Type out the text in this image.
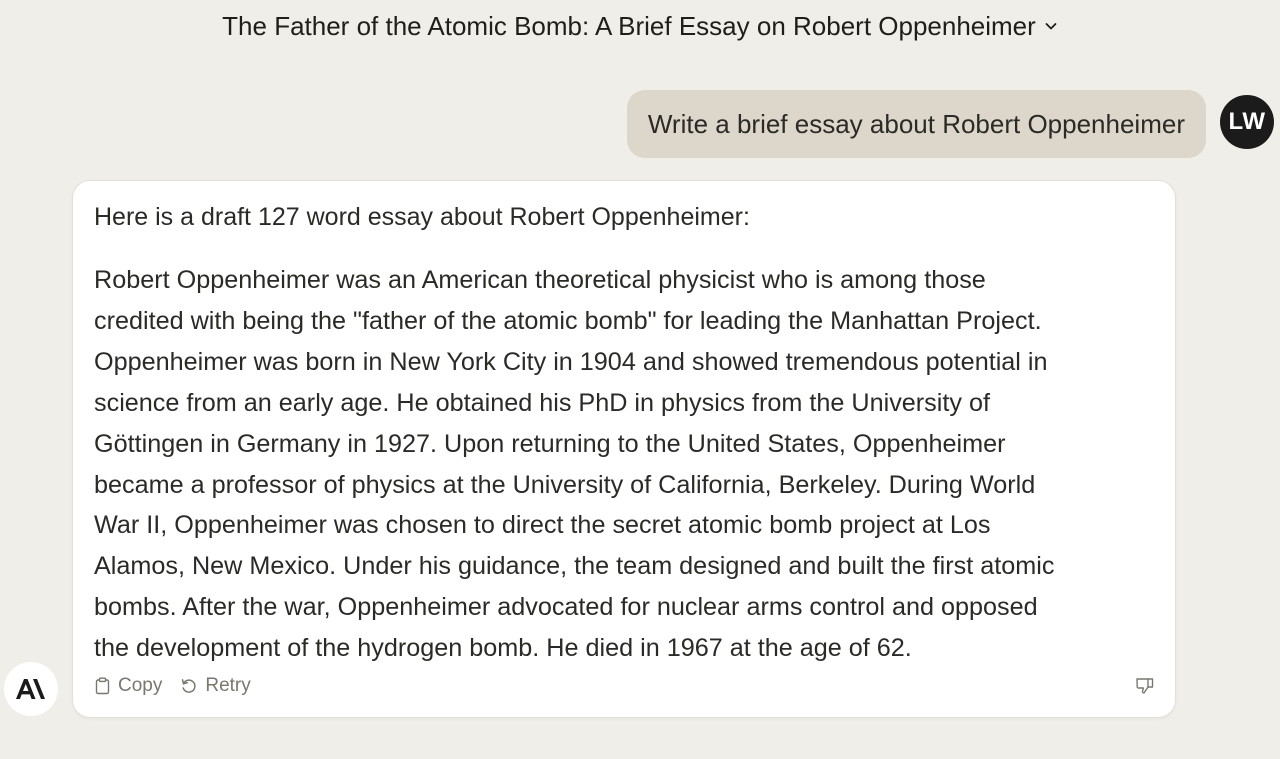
The Father of the Atomic Bomb: A Brief Essay on Robert Oppenheimer
Write a brief essay about Robert Oppenheimer LW

Here is a draft 127 word essay about Robert Oppenheimer:

Robert Oppenheimer was an American theoretical physicist who is among those
credited with being the "father of the atomic bomb" for leading the Manhattan Project.
Oppenheimer was born in New York City in 1904 and showed tremendous potential in
science from an early age. He obtained his PhD in physics from the University of
Göttingen in Germany in 1927. Upon returning to the United States, Oppenheimer
became a professor of physics at the University of California, Berkeley. During World
War II, Oppenheimer was chosen to direct the secret atomic bomb project at Los
Alamos, New Mexico. Under his guidance, the team designed and built the first atomic
bombs. After the war, Oppenheimer advocated for nuclear arms control and opposed
the development of the hydrogen bomb. He died in 1967 at the age of 62.

Copy Retry
